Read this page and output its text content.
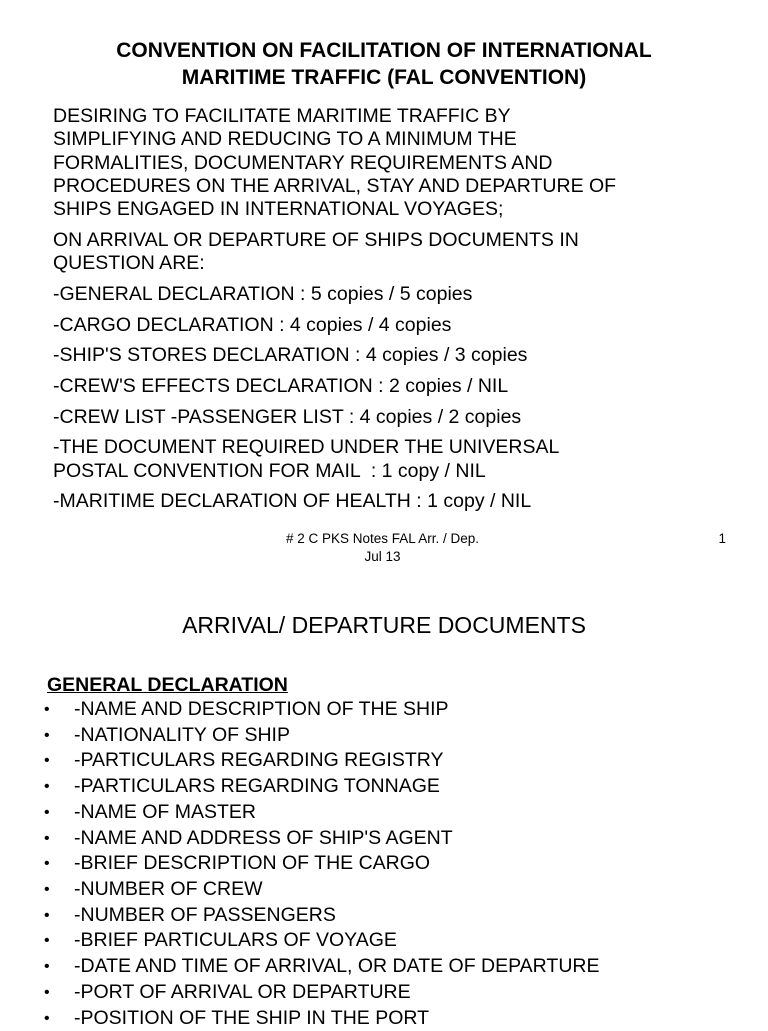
CONVENTION ON FACILITATION OF INTERNATIONAL
MARITIME TRAFFIC (FAL CONVENTION)
DESIRING TO FACILITATE MARITIME TRAFFIC BY
SIMPLIFYING AND REDUCING TO A MINIMUM THE
FORMALITIES, DOCUMENTARY REQUIREMENTS AND
PROCEDURES ON THE ARRIVAL, STAY AND DEPARTURE OF
SHIPS ENGAGED IN INTERNATIONAL VOYAGES;
ON ARRIVAL OR DEPARTURE OF SHIPS DOCUMENTS IN
QUESTION ARE:
-GENERAL DECLARATION : 5 copies / 5 copies
-CARGO DECLARATION : 4 copies / 4 copies
-SHIP'S STORES DECLARATION : 4 copies / 3 copies
-CREW'S EFFECTS DECLARATION : 2 copies / NIL
-CREW LIST -PASSENGER LIST : 4 copies / 2 copies
-THE DOCUMENT REQUIRED UNDER THE UNIVERSAL
POSTAL CONVENTION FOR MAIL  : 1 copy / NIL
-MARITIME DECLARATION OF HEALTH : 1 copy / NIL

# 2 C PKS Notes FAL Arr. / Dep.
Jul 13

1

ARRIVAL/ DEPARTURE DOCUMENTS

GENERAL DECLARATION

• -NAME AND DESCRIPTION OF THE SHIP
• -NATIONALITY OF SHIP
• -PARTICULARS REGARDING REGISTRY
• -PARTICULARS REGARDING TONNAGE
• -NAME OF MASTER
• -NAME AND ADDRESS OF SHIP'S AGENT
• -BRIEF DESCRIPTION OF THE CARGO
• -NUMBER OF CREW
• -NUMBER OF PASSENGERS
• -BRIEF PARTICULARS OF VOYAGE
• -DATE AND TIME OF ARRIVAL, OR DATE OF DEPARTURE
• -PORT OF ARRIVAL OR DEPARTURE
• -POSITION OF THE SHIP IN THE PORT
